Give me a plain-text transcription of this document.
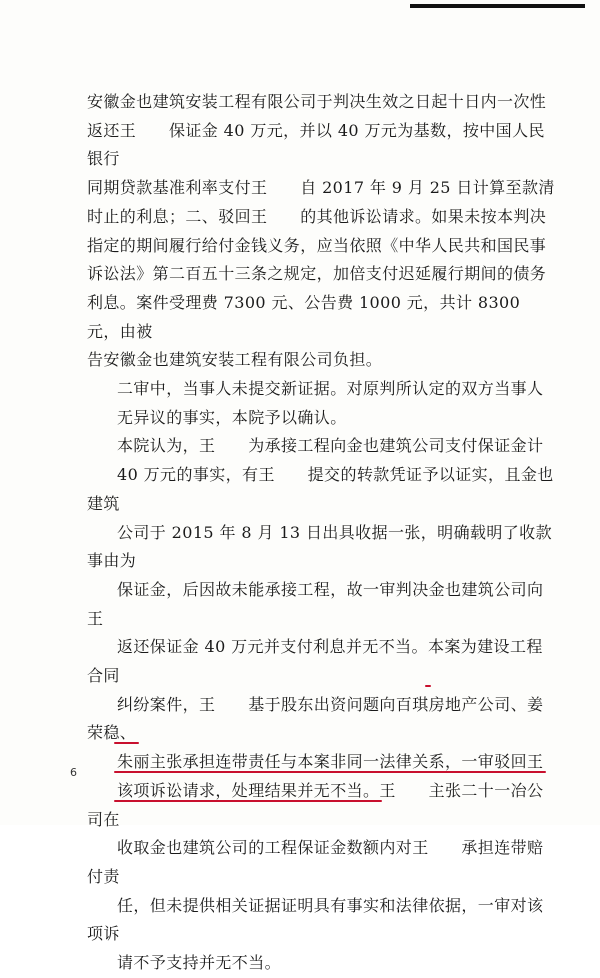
安徽金也建筑安装工程有限公司于判决生效之日起十日内一次性
返还王　　保证金 40 万元，并以 40 万元为基数，按中国人民银行
同期贷款基准利率支付王　　自 2017 年 9 月 25 日计算至款清
时止的利息；二、驳回王　　的其他诉讼请求。如果未按本判决
指定的期间履行给付金钱义务，应当依照《中华人民共和国民事
诉讼法》第二百五十三条之规定，加倍支付迟延履行期间的债务
利息。案件受理费 7300 元、公告费 1000 元，共计 8300 元，由被
告安徽金也建筑安装工程有限公司负担。
二审中，当事人未提交新证据。对原判所认定的双方当事人
无异议的事实，本院予以确认。
本院认为，王　　为承接工程向金也建筑公司支付保证金计
40 万元的事实，有王　　提交的转款凭证予以证实，且金也建筑
公司于 2015 年 8 月 13 日出具收据一张，明确载明了收款事由为
保证金，后因故未能承接工程，故一审判决金也建筑公司向王
返还保证金 40 万元并支付利息并无不当。本案为建设工程合同
纠纷案件，王　　基于股东出资问题向百琪房地产公司、姜荣稳、
朱丽主张承担连带责任与本案非同一法律关系，一审驳回王
该项诉讼请求，处理结果并无不当。王　　主张二十一冶公司在
收取金也建筑公司的工程保证金数额内对王　　承担连带赔付责
任，但未提供相关证据证明具有事实和法律依据，一审对该项诉
请不予支持并无不当。
6
